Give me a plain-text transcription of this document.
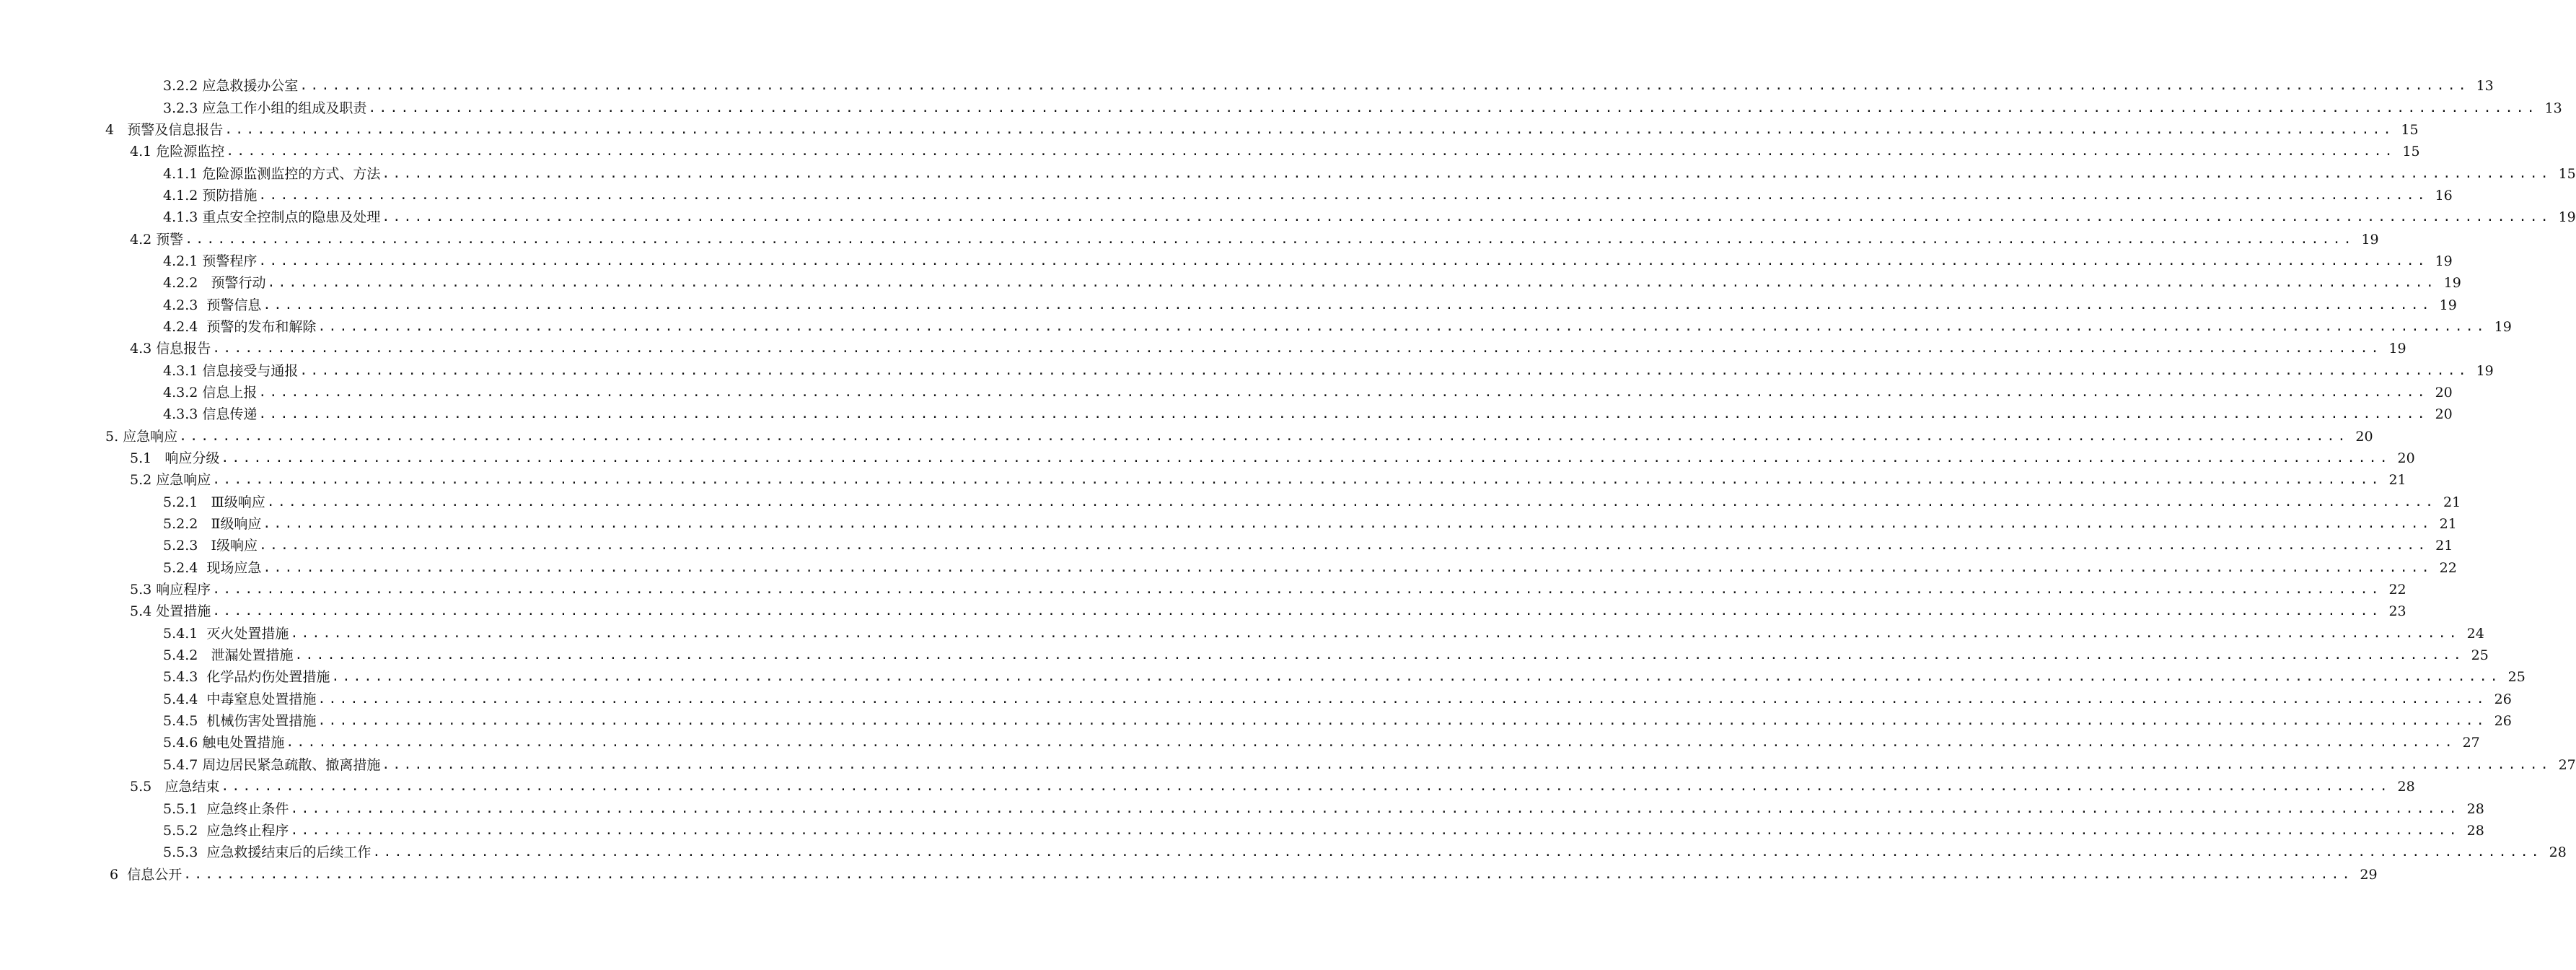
3.2.2 应急救援办公室 ........................................................................................................................................................................................................ 13
3.2.3 应急工作小组的组成及职责 ........................................................................................................................................................................................................ 13
4   预警及信息报告 ........................................................................................................................................................................................................ 15
4.1 危险源监控 ........................................................................................................................................................................................................ 15
4.1.1 危险源监测监控的方式、方法 ........................................................................................................................................................................................................ 15
4.1.2 预防措施 ........................................................................................................................................................................................................ 16
4.1.3 重点安全控制点的隐患及处理 ........................................................................................................................................................................................................ 19
4.2 预警 ........................................................................................................................................................................................................ 19
4.2.1 预警程序 ........................................................................................................................................................................................................ 19
4.2.2   预警行动 ........................................................................................................................................................................................................ 19
4.2.3  预警信息 ........................................................................................................................................................................................................ 19
4.2.4  预警的发布和解除 ........................................................................................................................................................................................................ 19
4.3 信息报告 ........................................................................................................................................................................................................ 19
4.3.1 信息接受与通报 ........................................................................................................................................................................................................ 19
4.3.2 信息上报 ........................................................................................................................................................................................................ 20
4.3.3 信息传递 ........................................................................................................................................................................................................ 20
5. 应急响应 ........................................................................................................................................................................................................ 20
5.1   响应分级 ........................................................................................................................................................................................................ 20
5.2 应急响应 ........................................................................................................................................................................................................ 21
5.2.1   Ⅲ级响应 ........................................................................................................................................................................................................ 21
5.2.2   Ⅱ级响应 ........................................................................................................................................................................................................ 21
5.2.3   Ⅰ级响应 ........................................................................................................................................................................................................ 21
5.2.4  现场应急 ........................................................................................................................................................................................................ 22
5.3 响应程序 ........................................................................................................................................................................................................ 22
5.4 处置措施 ........................................................................................................................................................................................................ 23
5.4.1  灭火处置措施 ........................................................................................................................................................................................................ 24
5.4.2   泄漏处置措施 ........................................................................................................................................................................................................ 25
5.4.3  化学品灼伤处置措施 ........................................................................................................................................................................................................ 25
5.4.4  中毒窒息处置措施 ........................................................................................................................................................................................................ 26
5.4.5  机械伤害处置措施 ........................................................................................................................................................................................................ 26
5.4.6 触电处置措施 ........................................................................................................................................................................................................ 27
5.4.7 周边居民紧急疏散、撤离措施 ........................................................................................................................................................................................................ 27
5.5   应急结束 ........................................................................................................................................................................................................ 28
5.5.1  应急终止条件 ........................................................................................................................................................................................................ 28
5.5.2  应急终止程序 ........................................................................................................................................................................................................ 28
5.5.3  应急救援结束后的后续工作 ........................................................................................................................................................................................................ 28
6  信息公开 ........................................................................................................................................................................................................ 29
